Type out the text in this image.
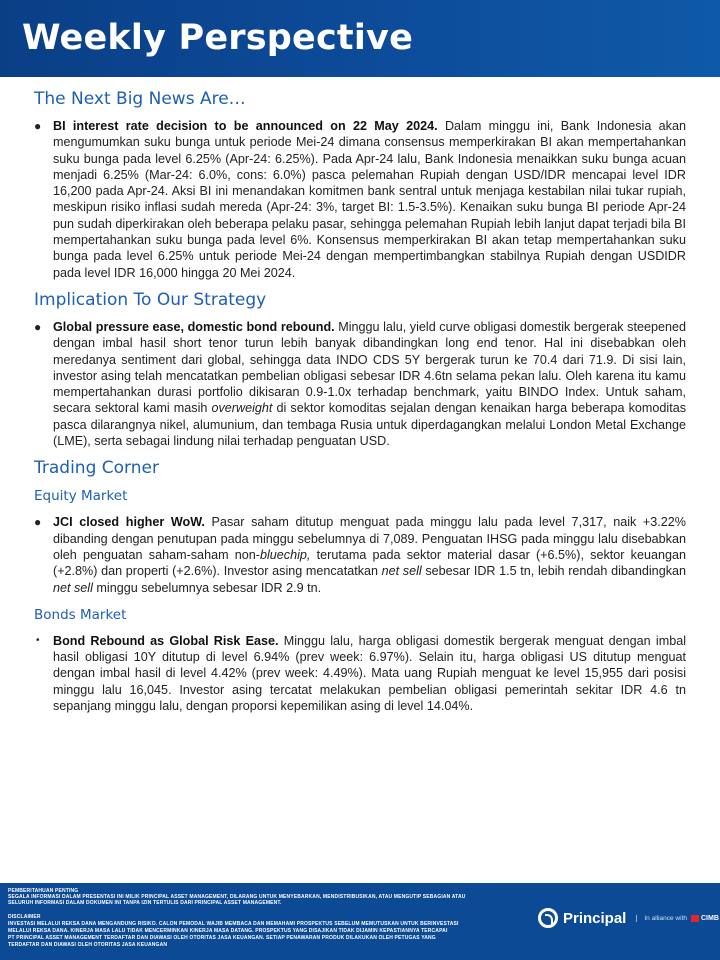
Weekly Perspective
The Next Big News Are…
● BI interest rate decision to be announced on 22 May 2024. Dalam minggu ini, Bank Indonesia akan mengumumkan suku bunga untuk periode Mei-24 dimana consensus memperkirakan BI akan mempertahankan suku bunga pada level 6.25% (Apr-24: 6.25%). Pada Apr-24 lalu, Bank Indonesia menaikkan suku bunga acuan menjadi 6.25% (Mar-24: 6.0%, cons: 6.0%) pasca pelemahan Rupiah dengan USD/IDR mencapai level IDR 16,200 pada Apr-24. Aksi BI ini menandakan komitmen bank sentral untuk menjaga kestabilan nilai tukar rupiah, meskipun risiko inflasi sudah mereda (Apr-24: 3%, target BI: 1.5-3.5%). Kenaikan suku bunga BI periode Apr-24 pun sudah diperkirakan oleh beberapa pelaku pasar, sehingga pelemahan Rupiah lebih lanjut dapat terjadi bila BI mempertahankan suku bunga pada level 6%. Konsensus memperkirakan BI akan tetap mempertahankan suku bunga pada level 6.25% untuk periode Mei-24 dengan mempertimbangkan stabilnya Rupiah dengan USDIDR pada level IDR 16,000 hingga 20 Mei 2024.
Implication To Our Strategy
● Global pressure ease, domestic bond rebound. Minggu lalu, yield curve obligasi domestik bergerak steepened dengan imbal hasil short tenor turun lebih banyak dibandingkan long end tenor. Hal ini disebabkan oleh meredanya sentiment dari global, sehingga data INDO CDS 5Y bergerak turun ke 70.4 dari 71.9. Di sisi lain, investor asing telah mencatatkan pembelian obligasi sebesar IDR 4.6tn selama pekan lalu. Oleh karena itu kamu mempertahankan durasi portfolio dikisaran 0.9-1.0x terhadap benchmark, yaitu BINDO Index. Untuk saham, secara sektoral kami masih overweight di sektor komoditas sejalan dengan kenaikan harga beberapa komoditas pasca dilarangnya nikel, alumunium, dan tembaga Rusia untuk diperdagangkan melalui London Metal Exchange (LME), serta sebagai lindung nilai terhadap penguatan USD.
Trading Corner
Equity Market
● JCI closed higher WoW. Pasar saham ditutup menguat pada minggu lalu pada level 7,317, naik +3.22% dibanding dengan penutupan pada minggu sebelumnya di 7,089. Penguatan IHSG pada minggu lalu disebabkan oleh penguatan saham-saham non-bluechip, terutama pada sektor material dasar (+6.5%), sektor keuangan (+2.8%) dan properti (+2.6%). Investor asing mencatatkan net sell sebesar IDR 1.5 tn, lebih rendah dibandingkan net sell minggu sebelumnya sebesar IDR 2.9 tn.
Bonds Market
• Bond Rebound as Global Risk Ease. Minggu lalu, harga obligasi domestik bergerak menguat dengan imbal hasil obligasi 10Y ditutup di level 6.94% (prev week: 6.97%). Selain itu, harga obligasi US ditutup menguat dengan imbal hasil di level 4.42% (prev week: 4.49%). Mata uang Rupiah menguat ke level 15,955 dari posisi minggu lalu 16,045. Investor asing tercatat melakukan pembelian obligasi pemerintah sekitar IDR 4.6 tn sepanjang minggu lalu, dengan proporsi kepemilikan asing di level 14.04%.
PEMBERITAHUAN PENTING
SEGALA INFORMASI DALAM PRESENTASI INI MILIK PRINCIPAL ASSET MANAGEMENT, DILARANG UNTUK MENYEBARKAN, MENDISTRIBUSIKAN, ATAU MENGUTIP SEBAGIAN ATAU
SELURUH INFORMASI DALAM DOKUMEN INI TANPA IZIN TERTULIS DARI PRINCIPAL ASSET MANAGEMENT.
DISCLAIMER
INVESTASI MELALUI REKSA DANA MENGANDUNG RISIKO. CALON PEMODAL WAJIB MEMBACA DAN MEMAHAMI PROSPEKTUS SEBELUM MEMUTUSKAN UNTUK BERINVESTASI
MELALUI REKSA DANA. KINERJA MASA LALU TIDAK MENCERMINKAN KINERJA MASA DATANG. PROSPEKTUS YANG DISAJIKAN TIDAK DIJAMIN KEPASTIANNYA TERCAPAI
PT PRINCIPAL ASSET MANAGEMENT TERDAFTAR DAN DIAWASI OLEH OTORITAS JASA KEUANGAN. SETIAP PENAWARAN PRODUK DILAKUKAN OLEH PETUGAS YANG
TERDAFTAR DAN DIAWASI OLEH OTORITAS JASA KEUANGAN
Principal	In alliance with CIMB
